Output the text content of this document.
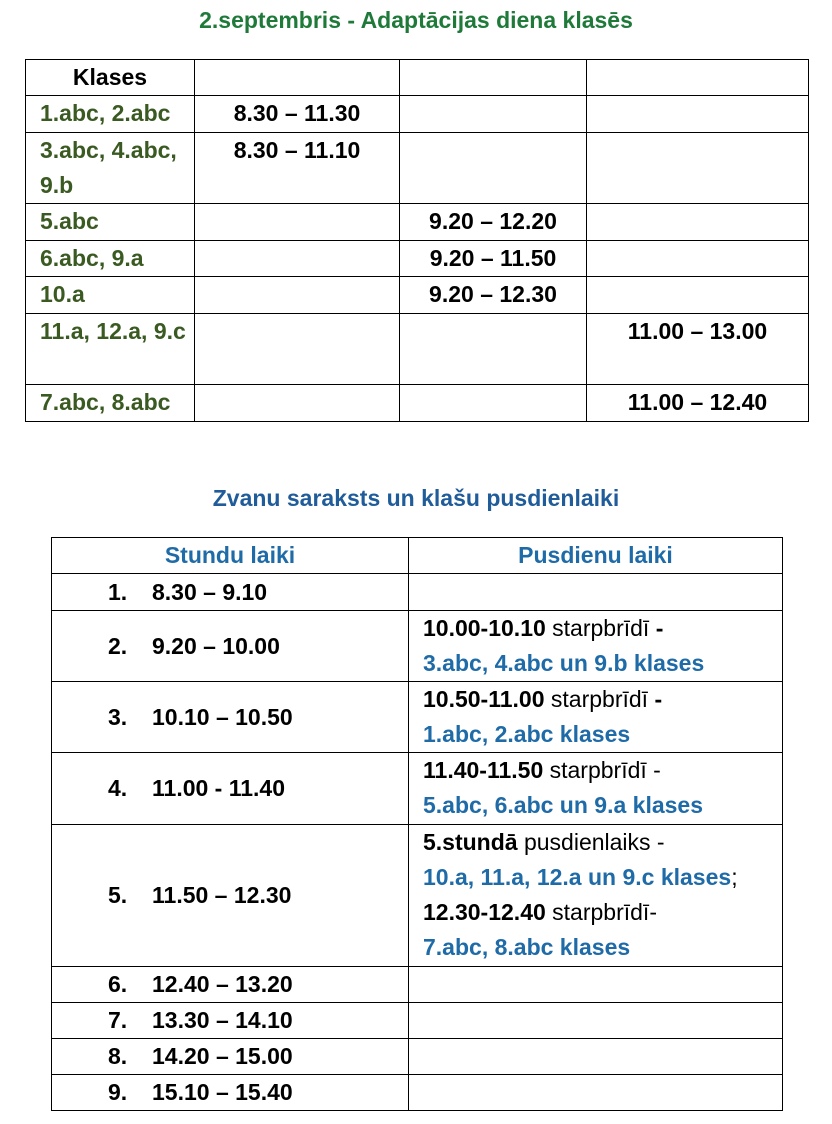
2.septembris - Adaptācijas diena klasēs
Klases			
1.abc, 2.abc	8.30 – 11.30		
3.abc, 4.abc, 9.b	8.30 – 11.10		
5.abc		9.20 – 12.20	
6.abc, 9.a		9.20 – 11.50	
10.a		9.20 – 12.30	
11.a, 12.a, 9.c			11.00 – 13.00
7.abc, 8.abc			11.00 – 12.40
Zvanu saraksts un klašu pusdienlaiki
Stundu laiki	Pusdienu laiki
1. 8.30 – 9.10	
2. 9.20 – 10.00	10.00-10.10 starpbrīdī -
3.abc, 4.abc un 9.b klases
3. 10.10 – 10.50	10.50-11.00 starpbrīdī -
1.abc, 2.abc klases
4. 11.00 - 11.40	11.40-11.50 starpbrīdī -
5.abc, 6.abc un 9.a klases
5. 11.50 – 12.30	5.stundā pusdienlaiks -
10.a, 11.a, 12.a un 9.c klases;
12.30-12.40 starpbrīdī-
7.abc, 8.abc klases
6. 12.40 – 13.20	
7. 13.30 – 14.10	
8. 14.20 – 15.00	
9. 15.10 – 15.40	
